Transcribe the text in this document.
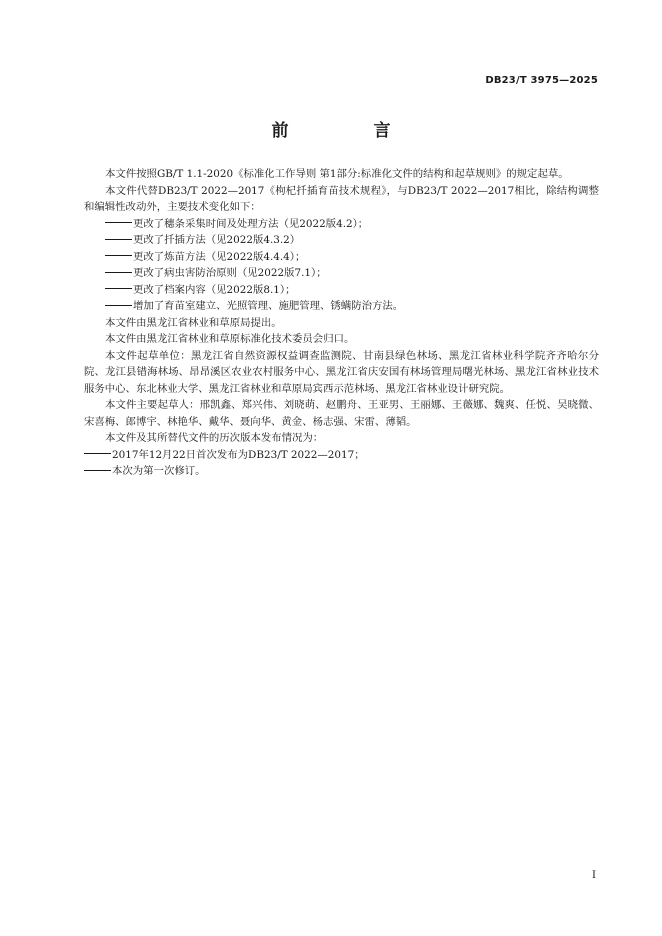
DB23/T 3975—2025
前　言

本文件按照GB/T 1.1-2020《标准化工作导则 第1部分:标准化文件的结构和起草规则》的规定起草。

本文件代替DB23/T 2022—2017《枸杞扦插育苗技术规程》，与DB23/T 2022—2017相比，除结构调整和编辑性改动外，主要技术变化如下：

更改了穗条采集时间及处理方法（见2022版4.2）；

更改了扦插方法（见2022版4.3.2）

更改了炼苗方法（见2022版4.4.4）；

更改了病虫害防治原则（见2022版7.1）；

更改了档案内容（见2022版8.1）；

增加了育苗室建立、光照管理、施肥管理、锈螨防治方法。

本文件由黑龙江省林业和草原局提出。

本文件由黑龙江省林业和草原标准化技术委员会归口。

本文件起草单位：黑龙江省自然资源权益调查监测院、甘南县绿色林场、黑龙江省林业科学院齐齐哈尔分院、龙江县错海林场、昂昂溪区农业农村服务中心、黑龙江省庆安国有林场管理局曙光林场、黑龙江省林业技术服务中心、东北林业大学、黑龙江省林业和草原局宾西示范林场、黑龙江省林业设计研究院。

本文件主要起草人：邢凯鑫、郑兴伟、刘晓萌、赵鹏舟、王亚男、王丽娜、王薇娜、魏爽、任悦、吴晓微、宋喜梅、郎博宇、林艳华、戴华、聂向华、黄金、杨志强、宋雷、薄韬。

本文件及其所替代文件的历次版本发布情况为：

2017年12月22日首次发布为DB23/T 2022—2017；

本次为第一次修订。

I
